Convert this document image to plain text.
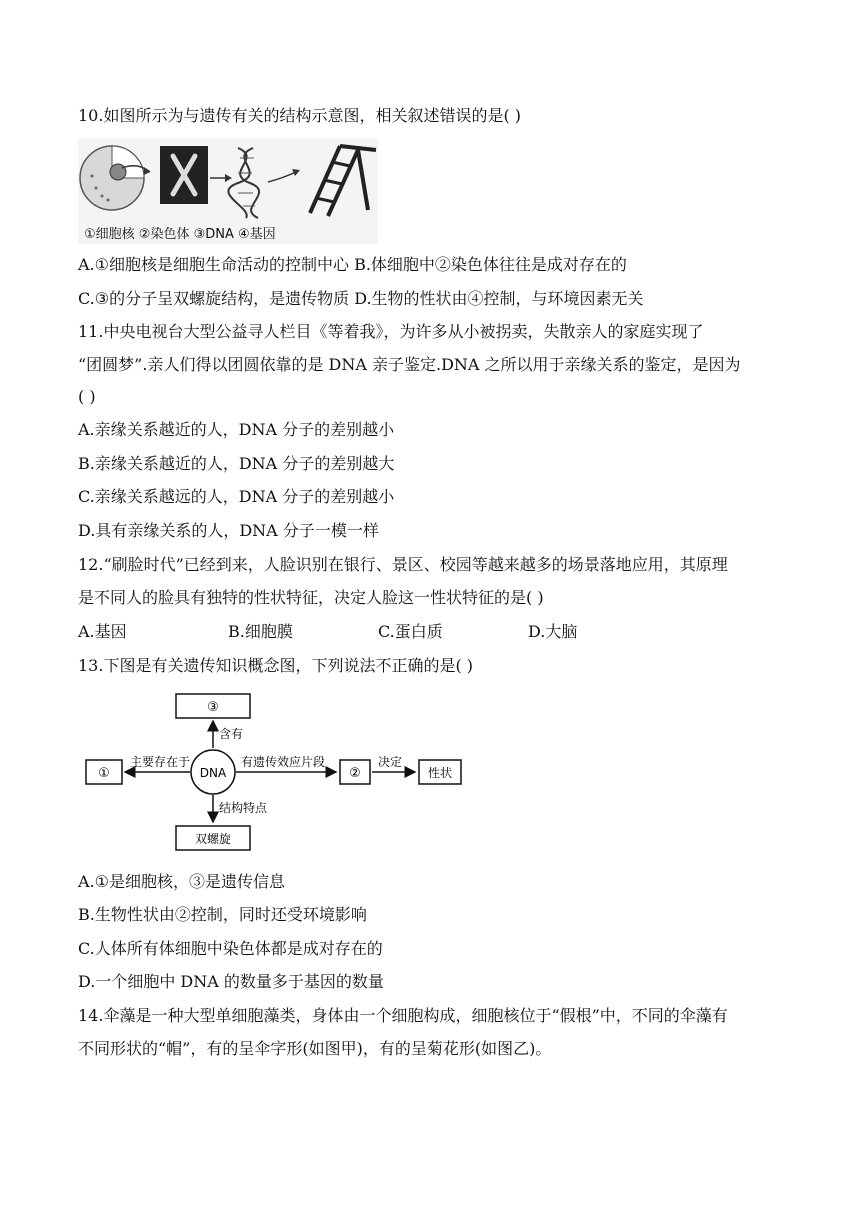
10.如图所示为与遗传有关的结构示意图，相关叙述错误的是( )
①细胞核 ②染色体 ③DNA ④基因
A.①细胞核是细胞生命活动的控制中心 B.体细胞中②染色体往往是成对存在的
C.③的分子呈双螺旋结构，是遗传物质 D.生物的性状由④控制，与环境因素无关
11.中央电视台大型公益寻人栏目《等着我》，为许多从小被拐卖，失散亲人的家庭实现了
“团圆梦”.亲人们得以团圆依靠的是 DNA 亲子鉴定.DNA 之所以用于亲缘关系的鉴定，是因为
( )
A.亲缘关系越近的人，DNA 分子的差别越小
B.亲缘关系越近的人，DNA 分子的差别越大
C.亲缘关系越远的人，DNA 分子的差别越小
D.具有亲缘关系的人，DNA 分子一模一样
12.“刷脸时代”已经到来，人脸识别在银行、景区、校园等越来越多的场景落地应用，其原理
是不同人的脸具有独特的性状特征，决定人脸这一性状特征的是( )
A.基因	B.细胞膜	C.蛋白质	D.大脑
13.下图是有关遗传知识概念图，下列说法不正确的是( )
③
含有
①
主要存在于
DNA
有遗传效应片段
②
决定
性状
结构特点
双螺旋
A.①是细胞核，③是遗传信息
B.生物性状由②控制，同时还受环境影响
C.人体所有体细胞中染色体都是成对存在的
D.一个细胞中 DNA 的数量多于基因的数量
14.伞藻是一种大型单细胞藻类，身体由一个细胞构成，细胞核位于“假根”中，不同的伞藻有
不同形状的“帽”，有的呈伞字形(如图甲)，有的呈菊花形(如图乙)。
